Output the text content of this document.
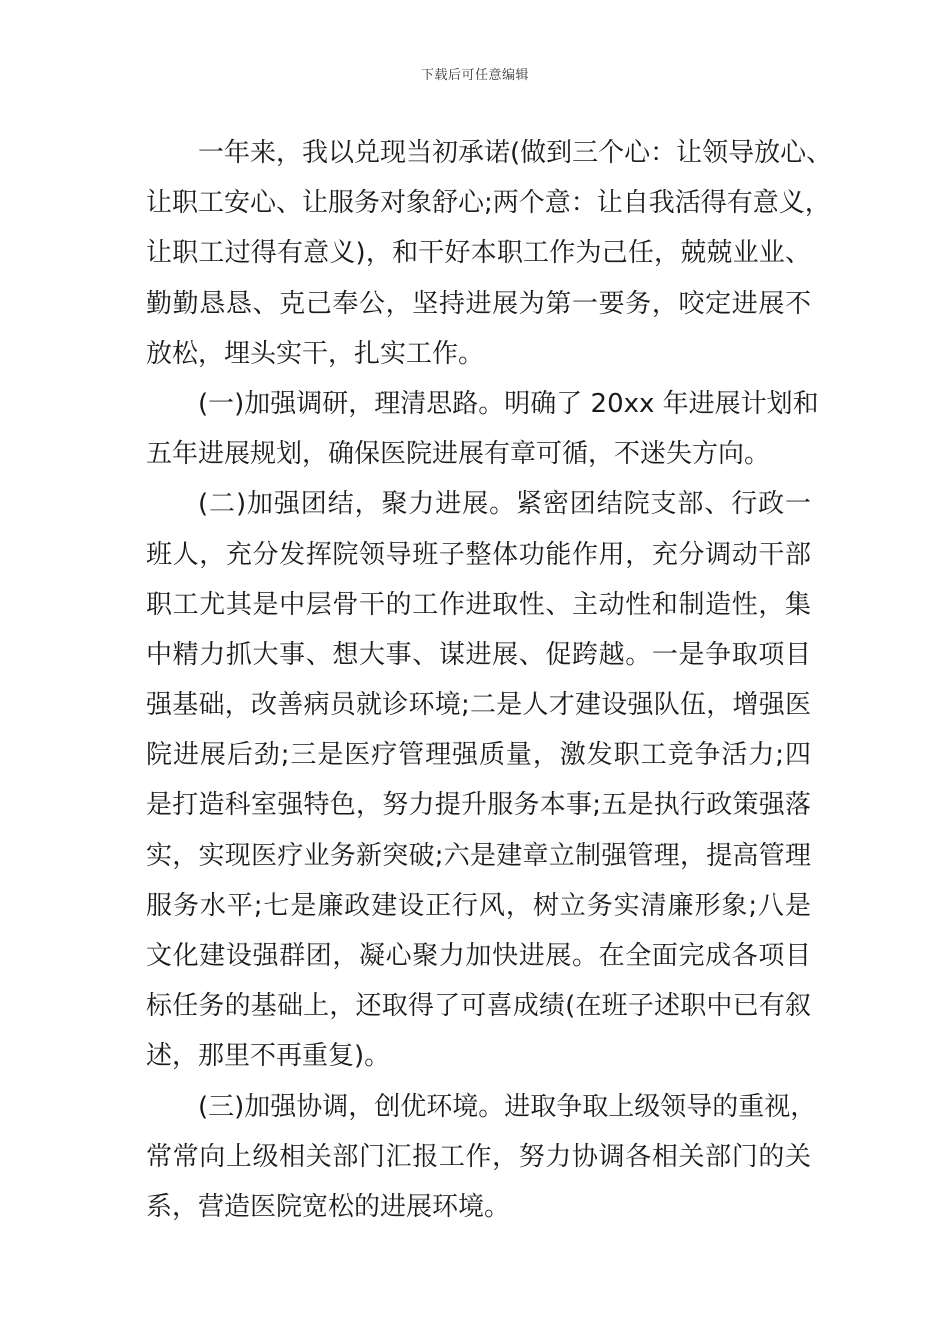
下载后可任意编辑
一年来，我以兑现当初承诺(做到三个心：让领导放心、
让职工安心、让服务对象舒心;两个意：让自我活得有意义，
让职工过得有意义)，和干好本职工作为己任，兢兢业业、
勤勤恳恳、克己奉公，坚持进展为第一要务，咬定进展不
放松，埋头实干，扎实工作。
(一)加强调研，理清思路。明确了 20xx 年进展计划和
五年进展规划，确保医院进展有章可循，不迷失方向。
(二)加强团结，聚力进展。紧密团结院支部、行政一
班人，充分发挥院领导班子整体功能作用，充分调动干部
职工尤其是中层骨干的工作进取性、主动性和制造性，集
中精力抓大事、想大事、谋进展、促跨越。一是争取项目
强基础，改善病员就诊环境;二是人才建设强队伍，增强医
院进展后劲;三是医疗管理强质量，激发职工竞争活力;四
是打造科室强特色，努力提升服务本事;五是执行政策强落
实，实现医疗业务新突破;六是建章立制强管理，提高管理
服务水平;七是廉政建设正行风，树立务实清廉形象;八是
文化建设强群团，凝心聚力加快进展。在全面完成各项目
标任务的基础上，还取得了可喜成绩(在班子述职中已有叙
述，那里不再重复)。
(三)加强协调，创优环境。进取争取上级领导的重视，
常常向上级相关部门汇报工作，努力协调各相关部门的关
系，营造医院宽松的进展环境。
